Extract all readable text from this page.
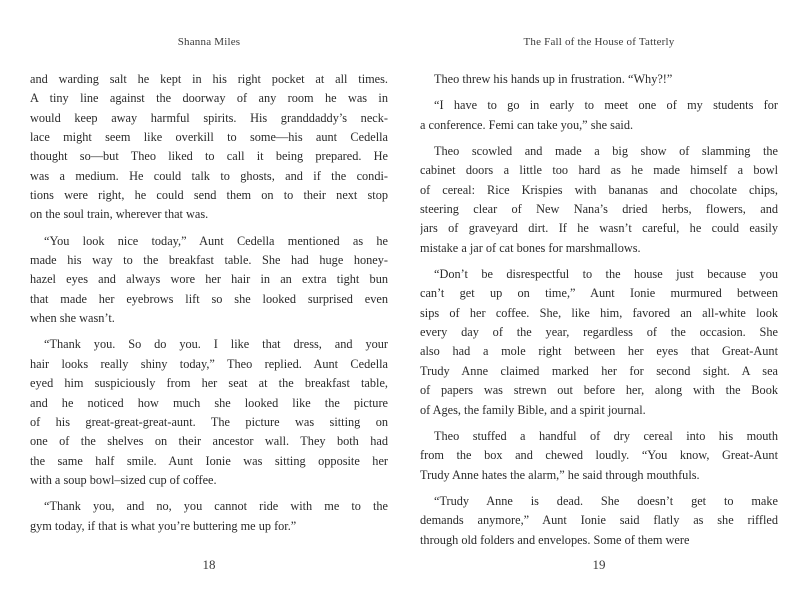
Shanna Miles
and warding salt he kept in his right pocket at all times.
A tiny line against the doorway of any room he was in
would keep away harmful spirits. His granddaddy’s neck-
lace might seem like overkill to some—his aunt Cedella
thought so—but Theo liked to call it being prepared. He
was a medium. He could talk to ghosts, and if the condi-
tions were right, he could send them on to their next stop
on the soul train, wherever that was.
“You look nice today,” Aunt Cedella mentioned as he
made his way to the breakfast table. She had huge honey-
hazel eyes and always wore her hair in an extra tight bun
that made her eyebrows lift so she looked surprised even
when she wasn’t.
“Thank you. So do you. I like that dress, and your
hair looks really shiny today,” Theo replied. Aunt Cedella
eyed him suspiciously from her seat at the breakfast table,
and he noticed how much she looked like the picture
of his great-great-great-aunt. The picture was sitting on
one of the shelves on their ancestor wall. They both had
the same half smile. Aunt Ionie was sitting opposite her
with a soup bowl–sized cup of coffee.
“Thank you, and no, you cannot ride with me to the
gym today, if that is what you’re buttering me up for.”
18
The Fall of the House of Tatterly
Theo threw his hands up in frustration. “Why?!”
“I have to go in early to meet one of my students for
a conference. Femi can take you,” she said.
Theo scowled and made a big show of slamming the
cabinet doors a little too hard as he made himself a bowl
of cereal: Rice Krispies with bananas and chocolate chips,
steering clear of New Nana’s dried herbs, flowers, and
jars of graveyard dirt. If he wasn’t careful, he could easily
mistake a jar of cat bones for marshmallows.
“Don’t be disrespectful to the house just because you
can’t get up on time,” Aunt Ionie murmured between
sips of her coffee. She, like him, favored an all-white look
every day of the year, regardless of the occasion. She
also had a mole right between her eyes that Great-Aunt
Trudy Anne claimed marked her for second sight. A sea
of papers was strewn out before her, along with the Book
of Ages, the family Bible, and a spirit journal.
Theo stuffed a handful of dry cereal into his mouth
from the box and chewed loudly. “You know, Great-Aunt
Trudy Anne hates the alarm,” he said through mouthfuls.
“Trudy Anne is dead. She doesn’t get to make
demands anymore,” Aunt Ionie said flatly as she riffled
through old folders and envelopes. Some of them were
19
